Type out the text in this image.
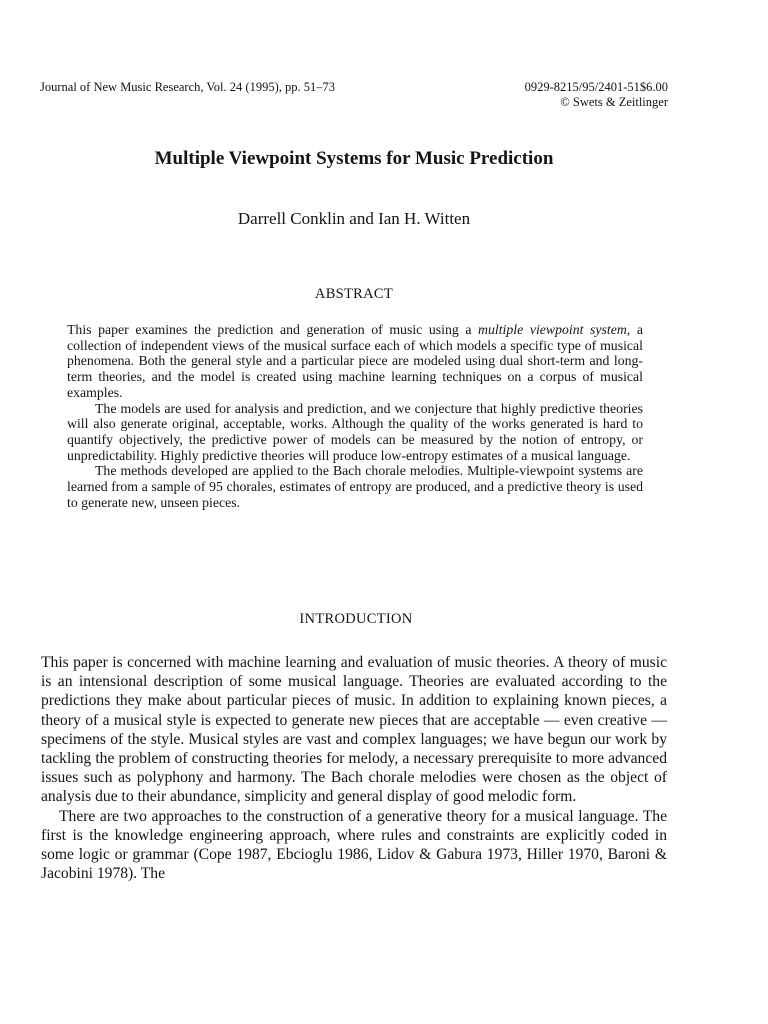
Journal of New Music Research, Vol. 24 (1995), pp. 51–73	0929-8215/95/2401-51$6.00
© Swets & Zeitlinger
Multiple Viewpoint Systems for Music Prediction
Darrell Conklin and Ian H. Witten
ABSTRACT

This paper examines the prediction and generation of music using a multiple viewpoint system, a collection of independent views of the musical surface each of which models a specific type of musical phenomena. Both the general style and a particular piece are modeled using dual short-term and long-term theories, and the model is created using machine learning techniques on a corpus of musical examples.

The models are used for analysis and prediction, and we conjecture that highly predictive theories will also generate original, acceptable, works. Although the quality of the works generated is hard to quantify objectively, the predictive power of models can be measured by the notion of entropy, or unpredictability. Highly predictive theories will produce low-entropy estimates of a musical language.

The methods developed are applied to the Bach chorale melodies. Multiple-viewpoint systems are learned from a sample of 95 chorales, estimates of entropy are produced, and a predictive theory is used to generate new, unseen pieces.

INTRODUCTION

This paper is concerned with machine learning and evaluation of music theories. A theory of music is an intensional description of some musical language. Theories are evaluated according to the predictions they make about particular pieces of music. In addition to explaining known pieces, a theory of a musical style is expected to generate new pieces that are acceptable — even creative — specimens of the style. Musical styles are vast and complex languages; we have begun our work by tackling the problem of constructing theories for melody, a necessary prerequisite to more advanced issues such as polyphony and harmony. The Bach chorale melodies were chosen as the object of analysis due to their abundance, simplicity and general display of good melodic form.

There are two approaches to the construction of a generative theory for a musical language. The first is the knowledge engineering approach, where rules and constraints are explicitly coded in some logic or grammar (Cope 1987, Ebcioglu 1986, Lidov & Gabura 1973, Hiller 1970, Baroni & Jacobini 1978). The
